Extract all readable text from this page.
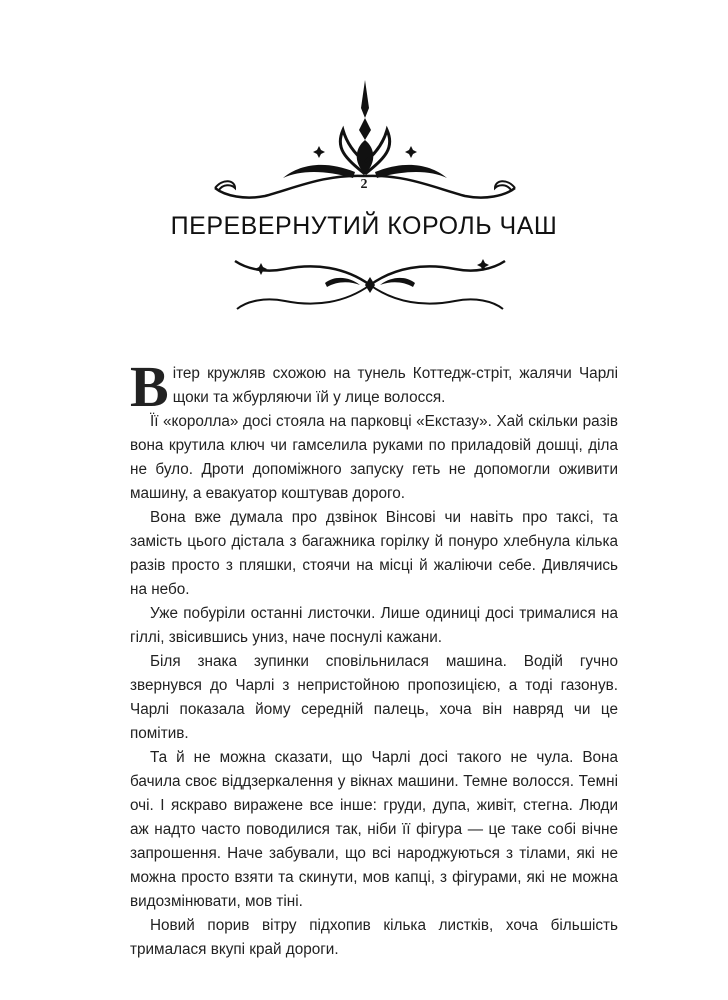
2
ПЕРЕВЕРНУТИЙ КОРОЛЬ ЧАШ

Вітер кружляв схожою на тунель Коттедж-стріт, жалячи Чарлі щоки та жбурляючи їй у лице волосся.

Її «королла» досі стояла на парковці «Екстазу». Хай скільки разів вона крутила ключ чи гамселила руками по приладовій дошці, діла не було. Дроти допоміжного запуску геть не допомогли оживити машину, а евакуатор коштував дорого.

Вона вже думала про дзвінок Вінсові чи навіть про таксі, та замість цього дістала з багажника горілку й понуро хлебнула кілька разів просто з пляшки, стоячи на місці й жаліючи себе. Дивлячись на небо.

Уже побуріли останні листочки. Лише одиниці досі трималися на гіллі, звісившись униз, наче поснулі кажани.

Біля знака зупинки сповільнилася машина. Водій гучно звернувся до Чарлі з непристойною пропозицією, а тоді газонув. Чарлі показала йому середній палець, хоча він навряд чи це помітив.

Та й не можна сказати, що Чарлі досі такого не чула. Вона бачила своє віддзеркалення у вікнах машини. Темне волосся. Темні очі. І яскраво виражене все інше: груди, дупа, живіт, стегна. Люди аж надто часто поводилися так, ніби її фігура — це таке собі вічне запрошення. Наче забували, що всі народжуються з тілами, які не можна просто взяти та скинути, мов капці, з фігурами, які не можна видозмінювати, мов тіні.

Новий порив вітру підхопив кілька листків, хоча більшість трималася вкупі край дороги.
